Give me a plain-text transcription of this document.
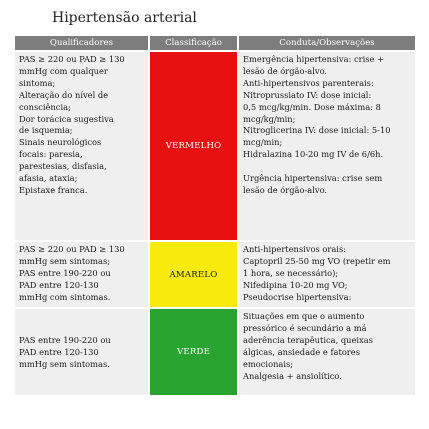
Hipertensão arterial
Qualificadores	Classificação	Conduta/Observações
PAS ≥ 220 ou PAD ≥ 130
mmHg com qualquer
sintoma;
Alteração do nível de
consciência;
Dor torácica sugestiva
de isquemia;
Sinais neurológicos
focais: paresia,
parestesias, disfasia,
afasia, ataxia;
Epistaxe franca.
VERMELHO
Emergência hipertensiva: crise +
lesão de órgão-alvo.
Anti-hipertensivos parenterais:
Nitroprussiato IV: dose inicial:
0,5 mcg/kg/min. Dose máxima: 8
mcg/kg/min;
Nitroglicerina IV: dose inicial: 5-10
mcg/min;
Hidralazina 10-20 mg IV de 6/6h.
Urgência hipertensiva: crise sem
lesão de órgão-alvo.
PAS ≥ 220 ou PAD ≥ 130
mmHg sem sintomas;
PAS entre 190-220 ou
PAD entre 120-130
mmHg com sintomas.
AMARELO
Anti-hipertensivos orais:
Captopril 25-50 mg VO (repetir em
1 hora, se necessário);
Nifedipina 10-20 mg VO;
Pseudocrise hipertensiva:
PAS entre 190-220 ou
PAD entre 120-130
mmHg sem sintomas.
VERDE
Situações em que o aumento
pressórico é secundário a má
aderência terapêutica, queixas
álgicas, ansiedade e fatores
emocionais;
Analgesia + ansiolítico.
